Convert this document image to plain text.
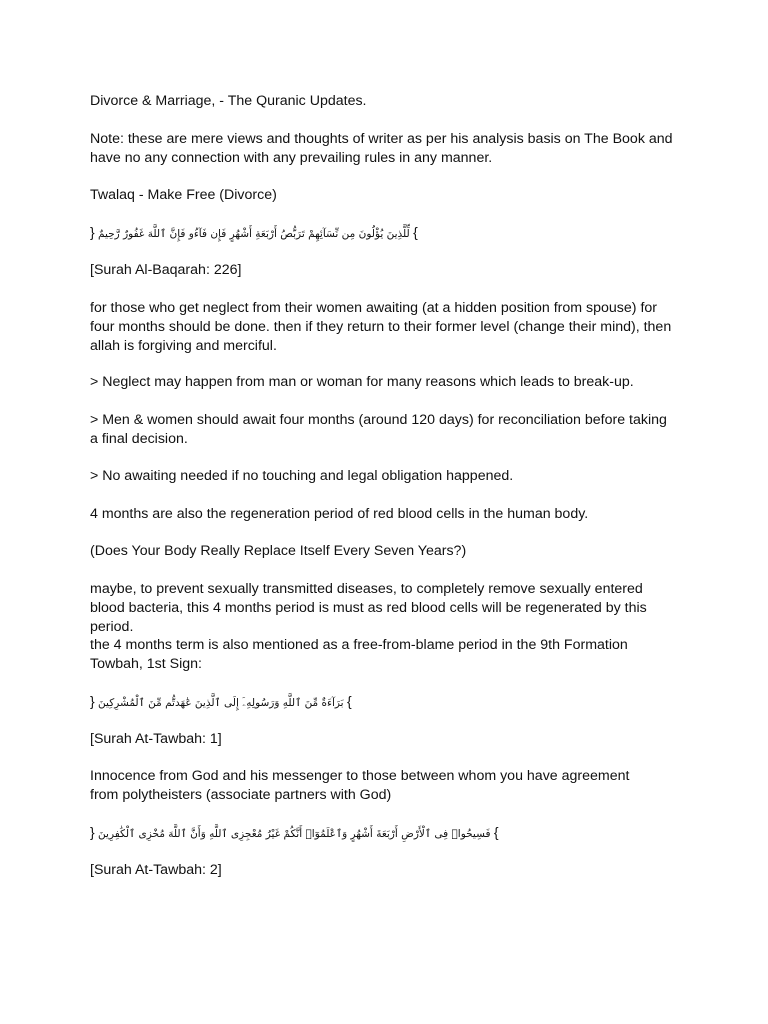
Divorce & Marriage, - The Quranic Updates.

Note: these are mere views and thoughts of writer as per his analysis basis on The Book and have no any connection with any prevailing rules in any manner.

Twalaq - Make Free (Divorce)

} لِّلَّذِينَ يُؤْلُونَ مِن نِّسَآئِهِمْ تَرَبُّصُ أَرْبَعَةِ أَشْهُرٍ فَإِن فَآءُو فَإِنَّ ٱللَّهَ غَفُورٌ رَّحِيمٌ {

[Surah Al-Baqarah: 226]

for those who get neglect from their women awaiting (at a hidden position from spouse) for four months should be done. then if they return to their former level (change their mind), then allah is forgiving and merciful.

> Neglect may happen from man or woman for many reasons which leads to break-up.

> Men & women should await four months (around 120 days) for reconciliation before taking a final decision.

> No awaiting needed if no touching and legal obligation happened.

4 months are also the regeneration period of red blood cells in the human body.

(Does Your Body Really Replace Itself Every Seven Years?)

maybe, to prevent sexually transmitted diseases, to completely remove sexually entered blood bacteria, this 4 months period is must as red blood cells will be regenerated by this period.

the 4 months term is also mentioned as a free-from-blame period in the 9th Formation Towbah, 1st Sign:

} بَرَآءَةٌ مِّنَ ٱللَّهِ وَرَسُولِهِۦٓ إِلَى ٱلَّذِينَ عَٰهَدتُّم مِّنَ ٱلْمُشْرِكِينَ {

[Surah At-Tawbah: 1]

Innocence from God and his messenger to those between whom you have agreement from polytheisters (associate partners with God)

} فَسِيحُوا۟ فِى ٱلْأَرْضِ أَرْبَعَةَ أَشْهُرٍ وَٱعْلَمُوٓا۟ أَنَّكُمْ غَيْرُ مُعْجِزِى ٱللَّهِ وَأَنَّ ٱللَّهَ مُخْزِى ٱلْكَٰفِرِينَ {

[Surah At-Tawbah: 2]
